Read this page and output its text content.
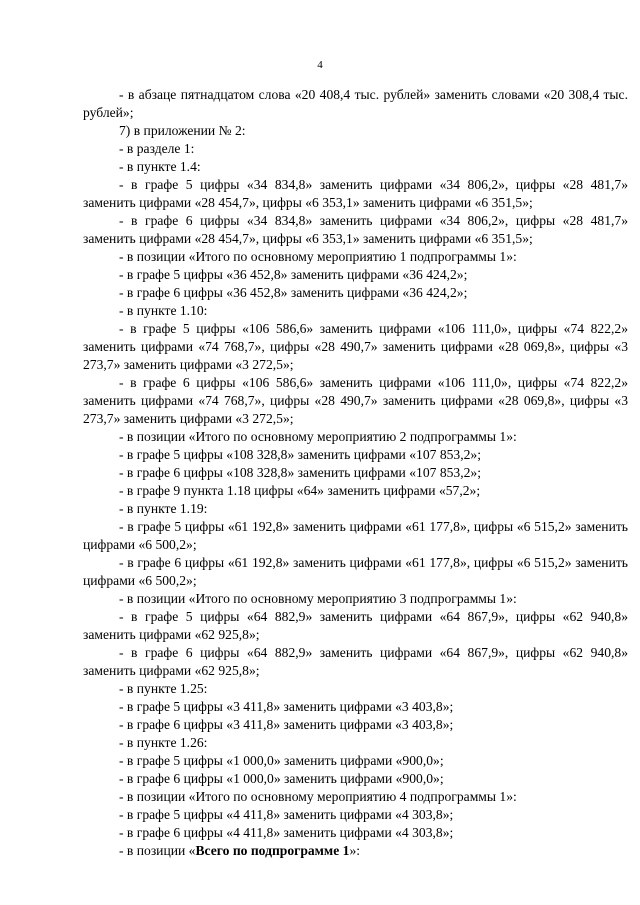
4

- в абзаце пятнадцатом слова «20 408,4 тыс. рублей» заменить словами «20 308,4 тыс. рублей»;

7) в приложении № 2:

- в разделе 1:

- в пункте 1.4:

- в графе 5 цифры «34 834,8» заменить цифрами «34 806,2», цифры «28 481,7» заменить цифрами «28 454,7», цифры «6 353,1» заменить цифрами «6 351,5»;

- в графе 6 цифры «34 834,8» заменить цифрами «34 806,2», цифры «28 481,7» заменить цифрами «28 454,7», цифры «6 353,1» заменить цифрами «6 351,5»;

- в позиции «Итого по основному мероприятию 1 подпрограммы 1»:

- в графе 5 цифры «36 452,8» заменить цифрами «36 424,2»;

- в графе 6 цифры «36 452,8» заменить цифрами «36 424,2»;

- в пункте 1.10:

- в графе 5 цифры «106 586,6» заменить цифрами «106 111,0», цифры «74 822,2» заменить цифрами «74 768,7», цифры «28 490,7» заменить цифрами «28 069,8», цифры «3 273,7» заменить цифрами «3 272,5»;

- в графе 6 цифры «106 586,6» заменить цифрами «106 111,0», цифры «74 822,2» заменить цифрами «74 768,7», цифры «28 490,7» заменить цифрами «28 069,8», цифры «3 273,7» заменить цифрами «3 272,5»;

- в позиции «Итого по основному мероприятию 2 подпрограммы 1»:

- в графе 5 цифры «108 328,8» заменить цифрами «107 853,2»;

- в графе 6 цифры «108 328,8» заменить цифрами «107 853,2»;

- в графе 9 пункта 1.18 цифры «64» заменить цифрами «57,2»;

- в пункте 1.19:

- в графе 5 цифры «61 192,8» заменить цифрами «61 177,8», цифры «6 515,2» заменить цифрами «6 500,2»;

- в графе 6 цифры «61 192,8» заменить цифрами «61 177,8», цифры «6 515,2» заменить цифрами «6 500,2»;

- в позиции «Итого по основному мероприятию 3 подпрограммы 1»:

- в графе 5 цифры «64 882,9» заменить цифрами «64 867,9», цифры «62 940,8» заменить цифрами «62 925,8»;

- в графе 6 цифры «64 882,9» заменить цифрами «64 867,9», цифры «62 940,8» заменить цифрами «62 925,8»;

- в пункте 1.25:

- в графе 5 цифры «3 411,8» заменить цифрами «3 403,8»;

- в графе 6 цифры «3 411,8» заменить цифрами «3 403,8»;

- в пункте 1.26:

- в графе 5 цифры «1 000,0» заменить цифрами «900,0»;

- в графе 6 цифры «1 000,0» заменить цифрами «900,0»;

- в позиции «Итого по основному мероприятию 4 подпрограммы 1»:

- в графе 5 цифры «4 411,8» заменить цифрами «4 303,8»;

- в графе 6 цифры «4 411,8» заменить цифрами «4 303,8»;

- в позиции «Всего по подпрограмме 1»:
